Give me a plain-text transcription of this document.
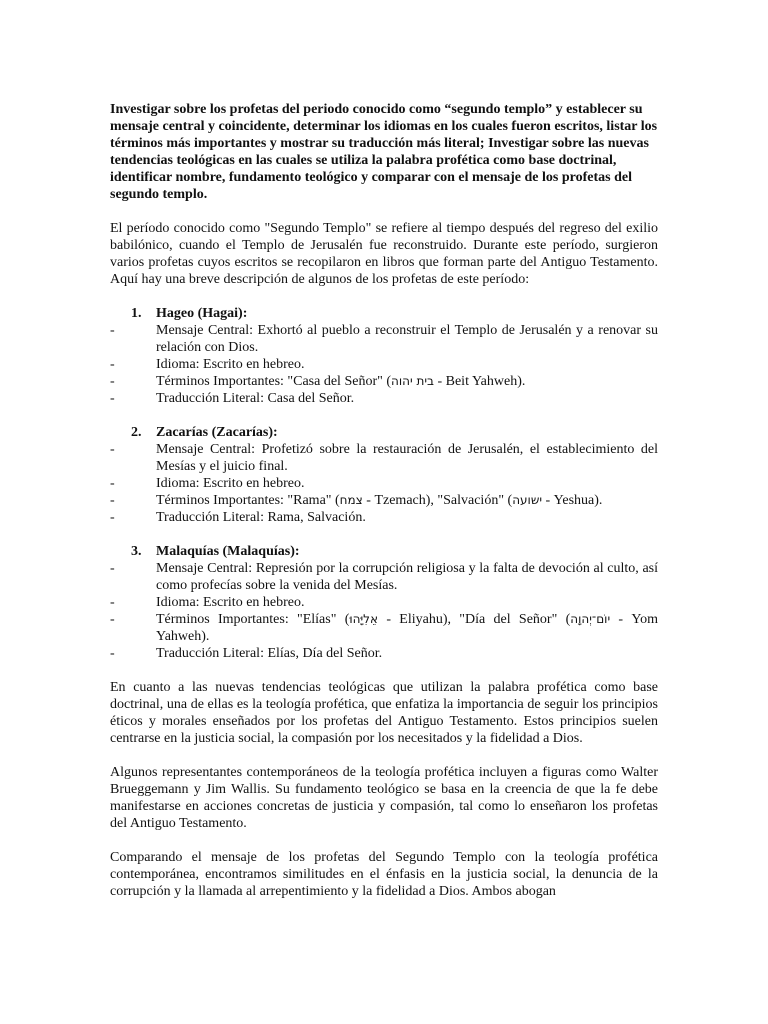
Investigar sobre los profetas del periodo conocido como “segundo templo” y establecer su mensaje central y coincidente, determinar los idiomas en los cuales fueron escritos, listar los términos más importantes y mostrar su traducción más literal; Investigar sobre las nuevas tendencias teológicas en las cuales se utiliza la palabra profética como base doctrinal, identificar nombre, fundamento teológico y comparar con el mensaje de los profetas del segundo templo.

El período conocido como "Segundo Templo" se refiere al tiempo después del regreso del exilio babilónico, cuando el Templo de Jerusalén fue reconstruido. Durante este período, surgieron varios profetas cuyos escritos se recopilaron en libros que forman parte del Antiguo Testamento. Aquí hay una breve descripción de algunos de los profetas de este período:

1. Hageo (Hagai):
-	Mensaje Central: Exhortó al pueblo a reconstruir el Templo de Jerusalén y a renovar su relación con Dios.
-	Idioma: Escrito en hebreo.
-	Términos Importantes: "Casa del Señor" (בית יהוה - Beit Yahweh).
-	Traducción Literal: Casa del Señor.
2. Zacarías (Zacarías):
-	Mensaje Central: Profetizó sobre la restauración de Jerusalén, el establecimiento del Mesías y el juicio final.
-	Idioma: Escrito en hebreo.
-	Términos Importantes: "Rama" (צמח - Tzemach), "Salvación" (ישועה - Yeshua).
-	Traducción Literal: Rama, Salvación.
3. Malaquías (Malaquías):
-	Mensaje Central: Represión por la corrupción religiosa y la falta de devoción al culto, así como profecías sobre la venida del Mesías.
-	Idioma: Escrito en hebreo.
-	Términos Importantes: "Elías" (אֵלִיָּהוּ - Eliyahu), "Día del Señor" (יוֹם־יְהוָה - Yom Yahweh).
-	Traducción Literal: Elías, Día del Señor.

En cuanto a las nuevas tendencias teológicas que utilizan la palabra profética como base doctrinal, una de ellas es la teología profética, que enfatiza la importancia de seguir los principios éticos y morales enseñados por los profetas del Antiguo Testamento. Estos principios suelen centrarse en la justicia social, la compasión por los necesitados y la fidelidad a Dios.

Algunos representantes contemporáneos de la teología profética incluyen a figuras como Walter Brueggemann y Jim Wallis. Su fundamento teológico se basa en la creencia de que la fe debe manifestarse en acciones concretas de justicia y compasión, tal como lo enseñaron los profetas del Antiguo Testamento.

Comparando el mensaje de los profetas del Segundo Templo con la teología profética contemporánea, encontramos similitudes en el énfasis en la justicia social, la denuncia de la corrupción y la llamada al arrepentimiento y la fidelidad a Dios. Ambos abogan
